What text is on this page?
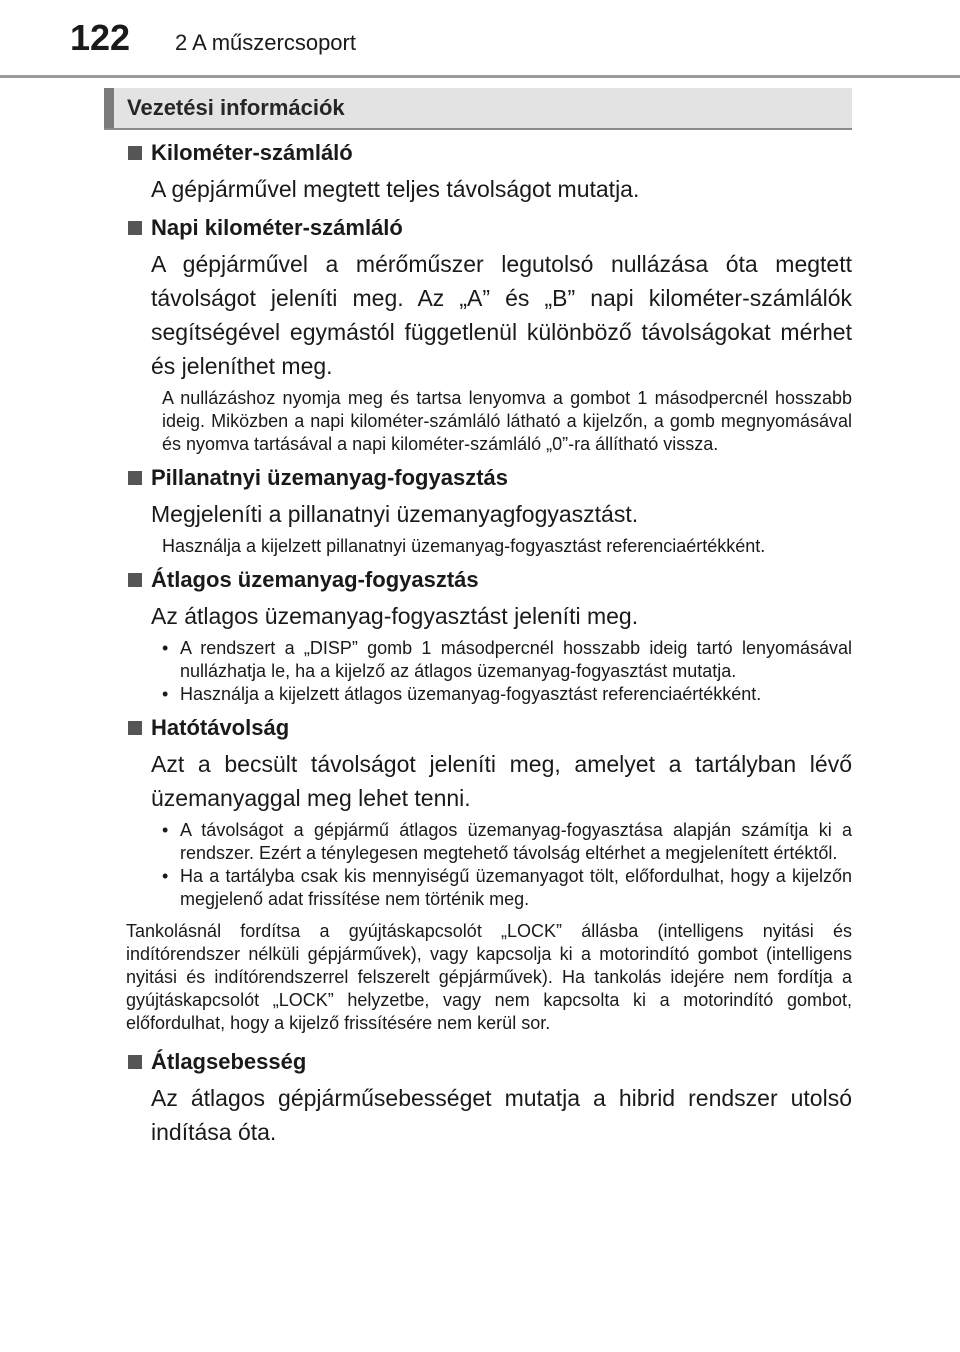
122 2 A műszercsoport
Vezetési információk
Kilométer-számláló
A gépjárművel megtett teljes távolságot mutatja.
Napi kilométer-számláló
A gépjárművel a mérőműszer legutolsó nullázása óta megtett távolságot jeleníti meg. Az „A” és „B” napi kilométer-számlálók segítségével egymástól függetlenül különböző távolságokat mérhet és jeleníthet meg.
A nullázáshoz nyomja meg és tartsa lenyomva a gombot 1 másodpercnél hosszabb ideig. Miközben a napi kilométer-számláló látható a kijelzőn, a gomb megnyomásával és nyomva tartásával a napi kilométer-számláló „0”-ra állítható vissza.
Pillanatnyi üzemanyag-fogyasztás
Megjeleníti a pillanatnyi üzemanyagfogyasztást.
Használja a kijelzett pillanatnyi üzemanyag-fogyasztást referenciaértékként.
Átlagos üzemanyag-fogyasztás
Az átlagos üzemanyag-fogyasztást jeleníti meg.
• A rendszert a „DISP” gomb 1 másodpercnél hosszabb ideig tartó lenyomásával nullázhatja le, ha a kijelző az átlagos üzemanyag-fogyasztást mutatja.
• Használja a kijelzett átlagos üzemanyag-fogyasztást referenciaértékként.
Hatótávolság
Azt a becsült távolságot jeleníti meg, amelyet a tartályban lévő üzemanyaggal meg lehet tenni.
• A távolságot a gépjármű átlagos üzemanyag-fogyasztása alapján számítja ki a rendszer. Ezért a ténylegesen megtehető távolság eltérhet a megjelenített értéktől.
• Ha a tartályba csak kis mennyiségű üzemanyagot tölt, előfordulhat, hogy a kijelzőn megjelenő adat frissítése nem történik meg.
Tankolásnál fordítsa a gyújtáskapcsolót „LOCK” állásba (intelligens nyitási és indítórendszer nélküli gépjárművek), vagy kapcsolja ki a motorindító gombot (intelligens nyitási és indítórendszerrel felszerelt gépjárművek). Ha tankolás idejére nem fordítja a gyújtáskapcsolót „LOCK” helyzetbe, vagy nem kapcsolta ki a motorindító gombot, előfordulhat, hogy a kijelző frissítésére nem kerül sor.
Átlagsebesség
Az átlagos gépjárműsebességet mutatja a hibrid rendszer utolsó indítása óta.
